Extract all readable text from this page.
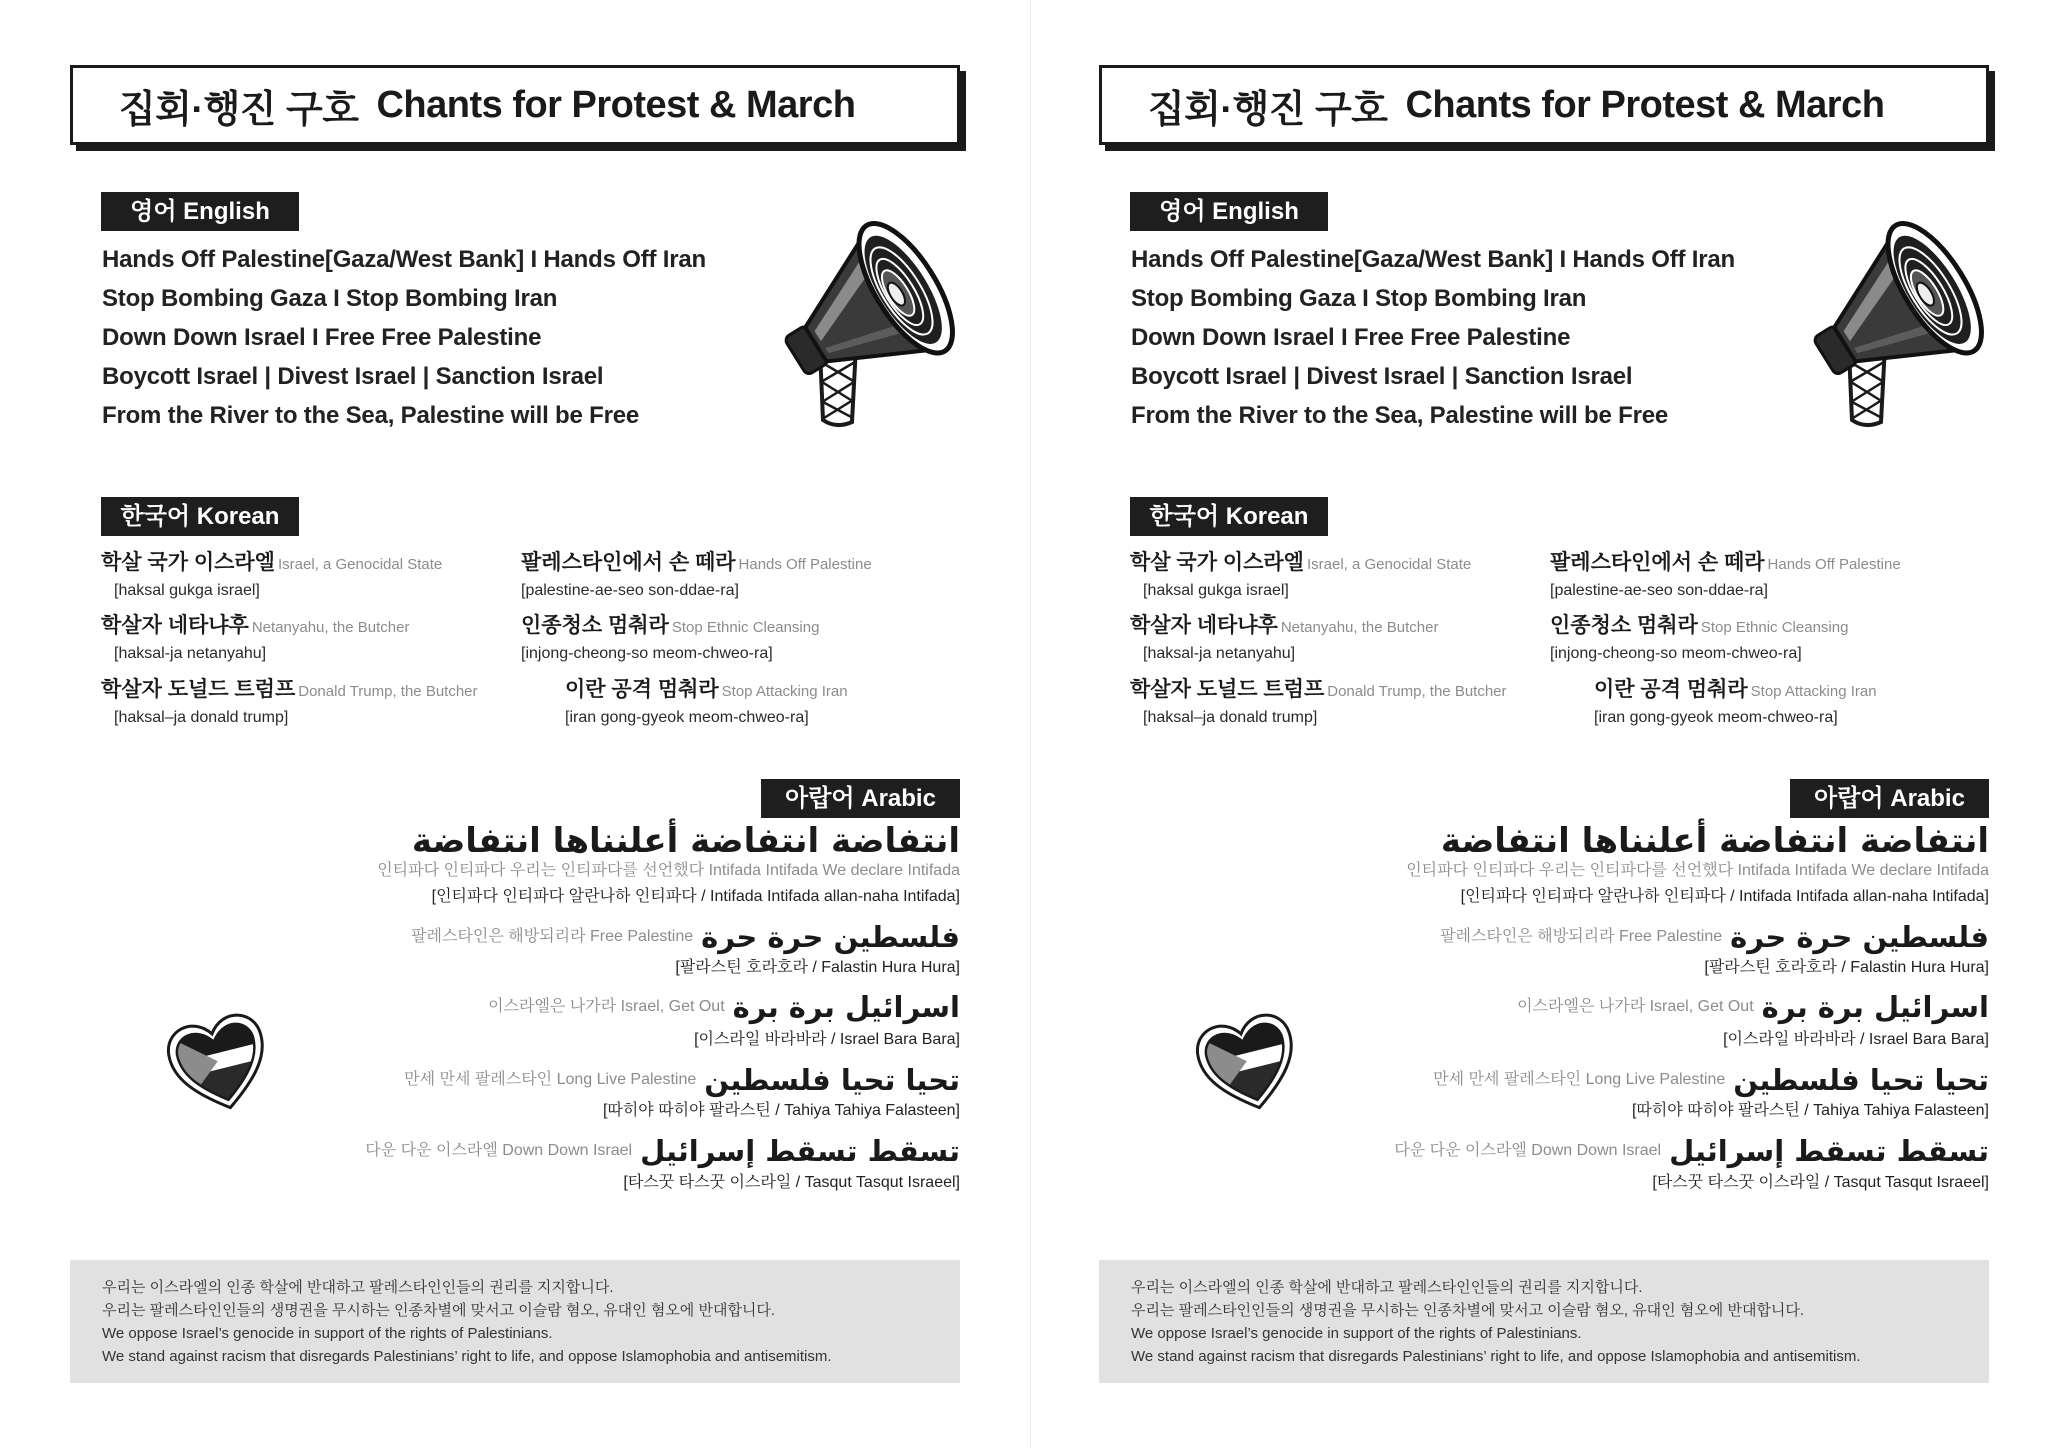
집회·행진 구호 Chants for Protest & March
영어 English
Hands Off Palestine[Gaza/West Bank] I Hands Off Iran
Stop Bombing Gaza I Stop Bombing Iran
Down Down Israel I Free Free Palestine
Boycott Israel | Divest Israel | Sanction Israel
From the River to the Sea, Palestine will be Free
한국어 Korean
학살 국가 이스라엘 Israel, a Genocidal State
[haksal gukga israel]
팔레스타인에서 손 떼라 Hands Off Palestine
[palestine-ae-seo son-ddae-ra]
학살자 네타냐후 Netanyahu, the Butcher
[haksal-ja netanyahu]
인종청소 멈춰라 Stop Ethnic Cleansing
[injong-cheong-so meom-chweo-ra]
학살자 도널드 트럼프 Donald Trump, the Butcher
[haksal–ja donald trump]
이란 공격 멈춰라 Stop Attacking Iran
[iran gong-gyeok meom-chweo-ra]
아랍어 Arabic
انتفاضة انتفاضة أعلنناها انتفاضة
인티파다 인티파다 우리는 인티파다를 선언했다 Intifada Intifada We declare Intifada
[인티파다 인티파다 알란나하 인티파다 / Intifada Intifada allan-naha Intifada]
팔레스타인은 해방되리라 Free Palestine فلسطين حرة حرة
[팔라스틴 호라호라 / Falastin Hura Hura]
이스라엘은 나가라 Israel, Get Out اسرائيل برة برة
[이스라일 바라바라 / Israel Bara Bara]
만세 만세 팔레스타인 Long Live Palestine تحيا تحيا فلسطين
[따히야 따히야 팔라스틴 / Tahiya Tahiya Falasteen]
다운 다운 이스라엘 Down Down Israel تسقط تسقط إسرائيل
[타스꿋 타스꿋 이스라일 / Tasqut Tasqut Israeel]
우리는 이스라엘의 인종 학살에 반대하고 팔레스타인인들의 권리를 지지합니다.
우리는 팔레스타인인들의 생명권을 무시하는 인종차별에 맞서고 이슬람 혐오, 유대인 혐오에 반대합니다.
We oppose Israel’s genocide in support of the rights of Palestinians.
We stand against racism that disregards Palestinians’ right to life, and oppose Islamophobia and antisemitism.
집회·행진 구호 Chants for Protest & March
영어 English
Hands Off Palestine[Gaza/West Bank] I Hands Off Iran
Stop Bombing Gaza I Stop Bombing Iran
Down Down Israel I Free Free Palestine
Boycott Israel | Divest Israel | Sanction Israel
From the River to the Sea, Palestine will be Free
한국어 Korean
학살 국가 이스라엘 Israel, a Genocidal State
[haksal gukga israel]
팔레스타인에서 손 떼라 Hands Off Palestine
[palestine-ae-seo son-ddae-ra]
학살자 네타냐후 Netanyahu, the Butcher
[haksal-ja netanyahu]
인종청소 멈춰라 Stop Ethnic Cleansing
[injong-cheong-so meom-chweo-ra]
학살자 도널드 트럼프 Donald Trump, the Butcher
[haksal–ja donald trump]
이란 공격 멈춰라 Stop Attacking Iran
[iran gong-gyeok meom-chweo-ra]
아랍어 Arabic
انتفاضة انتفاضة أعلنناها انتفاضة
인티파다 인티파다 우리는 인티파다를 선언했다 Intifada Intifada We declare Intifada
[인티파다 인티파다 알란나하 인티파다 / Intifada Intifada allan-naha Intifada]
팔레스타인은 해방되리라 Free Palestine فلسطين حرة حرة
[팔라스틴 호라호라 / Falastin Hura Hura]
이스라엘은 나가라 Israel, Get Out اسرائيل برة برة
[이스라일 바라바라 / Israel Bara Bara]
만세 만세 팔레스타인 Long Live Palestine تحيا تحيا فلسطين
[따히야 따히야 팔라스틴 / Tahiya Tahiya Falasteen]
다운 다운 이스라엘 Down Down Israel تسقط تسقط إسرائيل
[타스꿋 타스꿋 이스라일 / Tasqut Tasqut Israeel]
우리는 이스라엘의 인종 학살에 반대하고 팔레스타인인들의 권리를 지지합니다.
우리는 팔레스타인인들의 생명권을 무시하는 인종차별에 맞서고 이슬람 혐오, 유대인 혐오에 반대합니다.
We oppose Israel’s genocide in support of the rights of Palestinians.
We stand against racism that disregards Palestinians’ right to life, and oppose Islamophobia and antisemitism.
